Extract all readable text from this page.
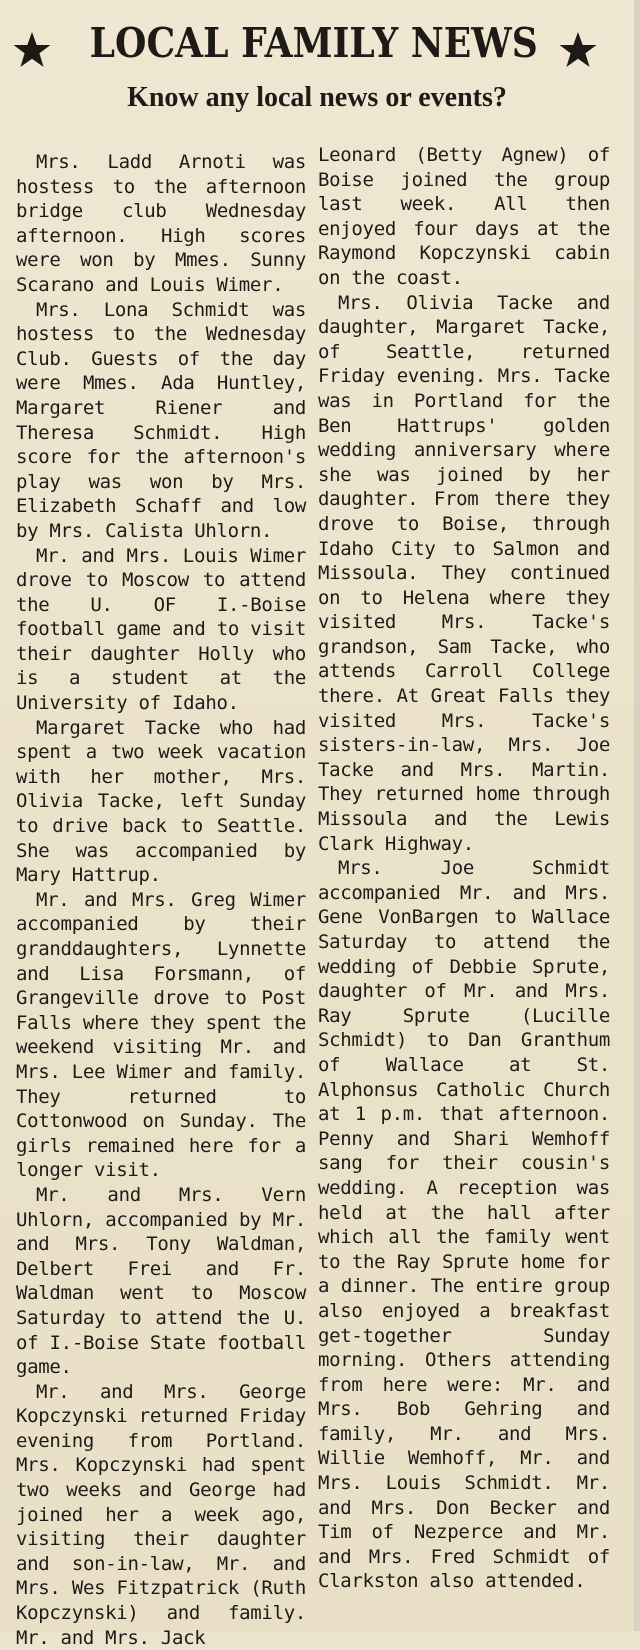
LOCAL FAMILY NEWS
Know any local news or events?

Mrs. Ladd Arnoti was hostess to the afternoon bridge club Wednesday afternoon. High scores were won by Mmes. Sunny Scarano and Louis Wimer.

Mrs. Lona Schmidt was hostess to the Wednesday Club. Guests of the day were Mmes. Ada Huntley, Margaret Riener and Theresa Schmidt. High score for the afternoon's play was won by Mrs. Elizabeth Schaff and low by Mrs. Calista Uhlorn.

Mr. and Mrs. Louis Wimer drove to Moscow to attend the U. OF I.-Boise football game and to visit their daughter Holly who is a student at the University of Idaho.

Margaret Tacke who had spent a two week vacation with her mother, Mrs. Olivia Tacke, left Sunday to drive back to Seattle. She was accompanied by Mary Hattrup.

Mr. and Mrs. Greg Wimer accompanied by their granddaughters, Lynnette and Lisa Forsmann, of Grangeville drove to Post Falls where they spent the weekend visiting Mr. and Mrs. Lee Wimer and family. They returned to Cottonwood on Sunday. The girls remained here for a longer visit.

Mr. and Mrs. Vern Uhlorn, accompanied by Mr. and Mrs. Tony Waldman, Delbert Frei and Fr. Waldman went to Moscow Saturday to attend the U. of I.-Boise State football game.

Mr. and Mrs. George Kopczynski returned Friday evening from Portland. Mrs. Kopczynski had spent two weeks and George had joined her a week ago, visiting their daughter and son-in-law, Mr. and Mrs. Wes Fitzpatrick (Ruth Kopczynski) and family. Mr. and Mrs. Jack

Leonard (Betty Agnew) of Boise joined the group last week. All then enjoyed four days at the Raymond Kopczynski cabin on the coast.

Mrs. Olivia Tacke and daughter, Margaret Tacke, of Seattle, returned Friday evening. Mrs. Tacke was in Portland for the Ben Hattrups' golden wedding anniversary where she was joined by her daughter. From there they drove to Boise, through Idaho City to Salmon and Missoula. They continued on to Helena where they visited Mrs. Tacke's grandson, Sam Tacke, who attends Carroll College there. At Great Falls they visited Mrs. Tacke's sisters-in-law, Mrs. Joe Tacke and Mrs. Martin. They returned home through Missoula and the Lewis Clark Highway.

Mrs. Joe Schmidt accompanied Mr. and Mrs. Gene VonBargen to Wallace Saturday to attend the wedding of Debbie Sprute, daughter of Mr. and Mrs. Ray Sprute (Lucille Schmidt) to Dan Granthum of Wallace at St. Alphonsus Catholic Church at 1 p.m. that afternoon. Penny and Shari Wemhoff sang for their cousin's wedding. A reception was held at the hall after which all the family went to the Ray Sprute home for a dinner. The entire group also enjoyed a breakfast get-together Sunday morning. Others attending from here were: Mr. and Mrs. Bob Gehring and family, Mr. and Mrs. Willie Wemhoff, Mr. and Mrs. Louis Schmidt. Mr. and Mrs. Don Becker and Tim of Nezperce and Mr. and Mrs. Fred Schmidt of Clarkston also attended.
